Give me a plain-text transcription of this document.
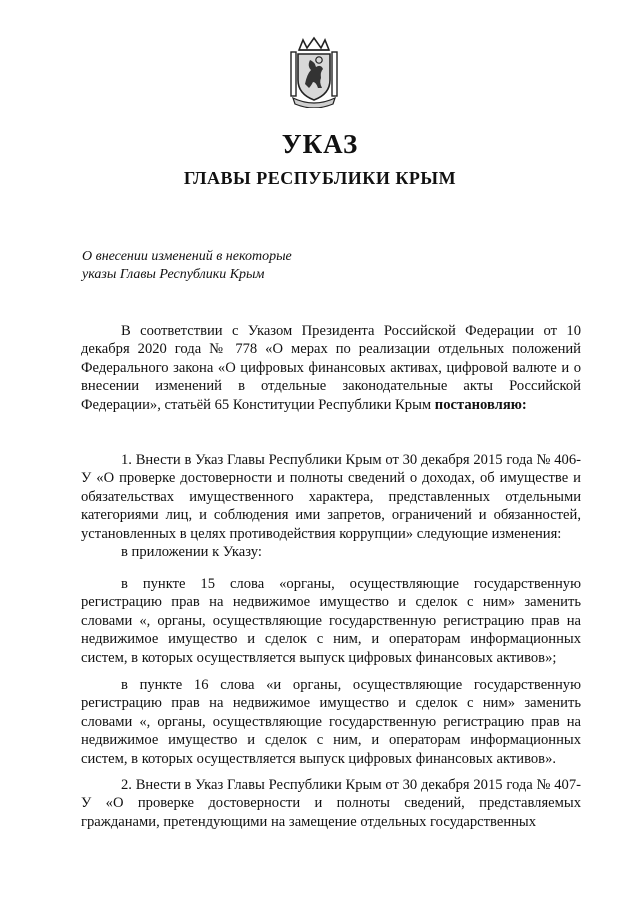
УКАЗ
ГЛАВЫ РЕСПУБЛИКИ КРЫМ
О внесении изменений в некоторые
указы Главы Республики Крым

В соответствии с Указом Президента Российской Федерации от 10 декабря 2020 года № 778 «О мерах по реализации отдельных положений Федерального закона «О цифровых финансовых активах, цифровой валюте и о внесении изменений в отдельные законодательные акты Российской Федерации», статьёй 65 Конституции Республики Крым постановляю:

1. Внести в Указ Главы Республики Крым от 30 декабря 2015 года № 406-У «О проверке достоверности и полноты сведений о доходах, об имуществе и обязательствах имущественного характера, представленных отдельными категориями лиц, и соблюдения ими запретов, ограничений и обязанностей, установленных в целях противодействия коррупции» следующие изменения:

в приложении к Указу:

в пункте 15 слова «органы, осуществляющие государственную регистрацию прав на недвижимое имущество и сделок с ним» заменить словами «, органы, осуществляющие государственную регистрацию прав на недвижимое имущество и сделок с ним, и операторам информационных систем, в которых осуществляется выпуск цифровых финансовых активов»;

в пункте 16 слова «и органы, осуществляющие государственную регистрацию прав на недвижимое имущество и сделок с ним» заменить словами «, органы, осуществляющие государственную регистрацию прав на недвижимое имущество и сделок с ним, и операторам информационных систем, в которых осуществляется выпуск цифровых финансовых активов».

2. Внести в Указ Главы Республики Крым от 30 декабря 2015 года № 407-У «О проверке достоверности и полноты сведений, представляемых гражданами, претендующими на замещение отдельных государственных
